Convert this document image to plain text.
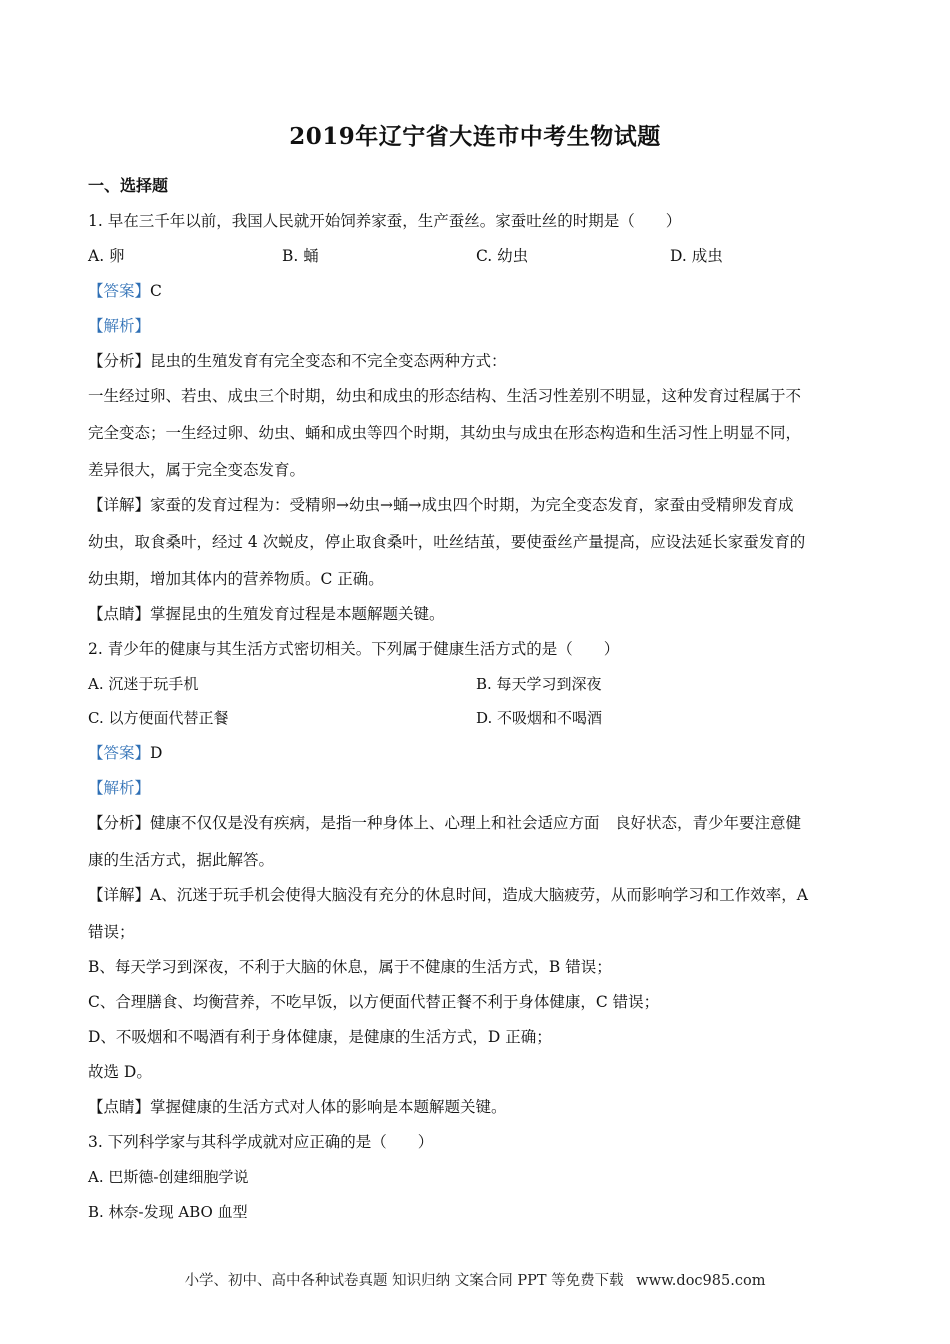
2019年辽宁省大连市中考生物试题
一、选择题
1. 早在三千年以前，我国人民就开始饲养家蚕，生产蚕丝。家蚕吐丝的时期是（　　）
A. 卵	B. 蛹	C. 幼虫	D. 成虫
【答案】C
【解析】
【分析】昆虫的生殖发育有完全变态和不完全变态两种方式：
一生经过卵、若虫、成虫三个时期，幼虫和成虫的形态结构、生活习性差别不明显，这种发育过程属于不
完全变态；一生经过卵、幼虫、蛹和成虫等四个时期，其幼虫与成虫在形态构造和生活习性上明显不同，
差异很大，属于完全变态发育。
【详解】家蚕的发育过程为：受精卵→幼虫→蛹→成虫四个时期，为完全变态发育，家蚕由受精卵发育成
幼虫，取食桑叶，经过 4 次蜕皮，停止取食桑叶，吐丝结茧，要使蚕丝产量提高，应设法延长家蚕发育的
幼虫期，增加其体内的营养物质。C 正确。
【点睛】掌握昆虫的生殖发育过程是本题解题关键。
2. 青少年的健康与其生活方式密切相关。下列属于健康生活方式的是（　　）
A. 沉迷于玩手机	B. 每天学习到深夜
C. 以方便面代替正餐	D. 不吸烟和不喝酒
【答案】D
【解析】
【分析】健康不仅仅是没有疾病，是指一种身体上、心理上和社会适应方面　良好状态，青少年要注意健
康的生活方式，据此解答。
【详解】A、沉迷于玩手机会使得大脑没有充分的休息时间，造成大脑疲劳，从而影响学习和工作效率，A
错误；
B、每天学习到深夜，不利于大脑的休息，属于不健康的生活方式，B 错误；
C、合理膳食、均衡营养，不吃早饭，以方便面代替正餐不利于身体健康，C 错误；
D、不吸烟和不喝酒有利于身体健康，是健康的生活方式，D 正确；
故选 D。
【点睛】掌握健康的生活方式对人体的影响是本题解题关键。
3. 下列科学家与其科学成就对应正确的是（　　）
A. 巴斯德-创建细胞学说
B. 林奈-发现 ABO 血型
小学、初中、高中各种试卷真题 知识归纳 文案合同 PPT 等免费下载 www.doc985.com
